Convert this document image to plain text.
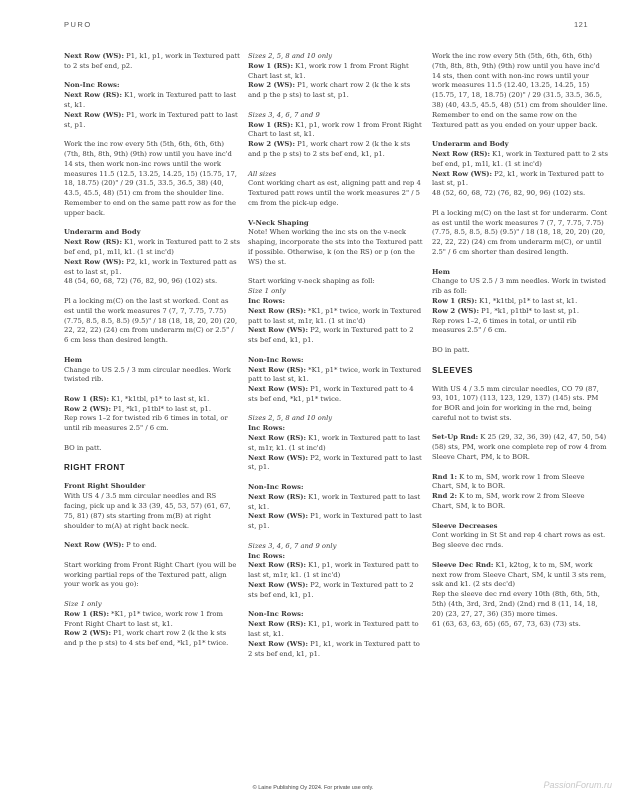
PURO	121

Next Row (WS): P1, k1, p1, work in Textured patt to 2 sts bef end, p2.

Non-Inc Rows:
Next Row (RS): K1, work in Textured patt to last st, k1.
Next Row (WS): P1, work in Textured patt to last st, p1.

Work the inc row every 5th (5th, 6th, 6th, 6th) (7th, 8th, 8th, 9th) (9th) row until you have inc'd 14 sts, then work non-inc rows until the work measures 11.5 (12.5, 13.25, 14.25, 15) (15.75, 17, 18, 18.75) (20)" / 29 (31.5, 33.5, 36.5, 38) (40, 43.5, 45.5, 48) (51) cm from the shoulder line. Remember to end on the same patt row as for the upper back.

Underarm and Body
Next Row (RS): K1, work in Textured patt to 2 sts bef end, p1, m1l, k1. (1 st inc'd)
Next Row (WS): P2, k1, work in Textured patt as est to last st, p1.
48 (54, 60, 68, 72) (76, 82, 90, 96) (102) sts.

Pl a locking m(C) on the last st worked. Cont as est until the work measures 7 (7, 7, 7.75, 7.75) (7.75, 8.5, 8.5, 8.5) (9.5)" / 18 (18, 18, 20, 20) (20, 22, 22, 22) (24) cm from underarm m(C) or 2.5" / 6 cm less than desired length.

Hem
Change to US 2.5 / 3 mm circular needles. Work twisted rib.

Row 1 (RS): K1, *k1tbl, p1* to last st, k1.
Row 2 (WS): P1, *k1, p1tbl* to last st, p1.
Rep rows 1–2 for twisted rib 6 times in total, or until rib measures 2.5" / 6 cm.

BO in patt.

RIGHT FRONT

Front Right Shoulder
With US 4 / 3.5 mm circular needles and RS facing, pick up and k 33 (39, 45, 53, 57) (61, 67, 75, 81) (87) sts starting from m(B) at right shoulder to m(A) at right back neck.

Next Row (WS): P to end.

Start working from Front Right Chart (you will be working partial reps of the Textured patt, align your work as you go):

Size 1 only
Row 1 (RS): *K1, p1* twice, work row 1 from Front Right Chart to last st, k1.
Row 2 (WS): P1, work chart row 2 (k the k sts and p the p sts) to 4 sts bef end, *k1, p1* twice.

Sizes 2, 5, 8 and 10 only
Row 1 (RS): K1, work row 1 from Front Right Chart last st, k1.
Row 2 (WS): P1, work chart row 2 (k the k sts and p the p sts) to last st, p1.

Sizes 3, 4, 6, 7 and 9
Row 1 (RS): K1, p1, work row 1 from Front Right Chart to last st, k1.
Row 2 (WS): P1, work chart row 2 (k the k sts and p the p sts) to 2 sts bef end, k1, p1.

All sizes
Cont working chart as est, aligning patt and rep 4 Textured patt rows until the work measures 2" / 5 cm from the pick-up edge.

V-Neck Shaping
Note! When working the inc sts on the v-neck shaping, incorporate the sts into the Textured patt if possible. Otherwise, k (on the RS) or p (on the WS) the st.

Start working v-neck shaping as foll:
Size 1 only
Inc Rows:
Next Row (RS): *K1, p1* twice, work in Textured patt to last st, m1r, k1. (1 st inc'd)
Next Row (WS): P2, work in Textured patt to 2 sts bef end, k1, p1.

Non-Inc Rows:
Next Row (RS): *K1, p1* twice, work in Textured patt to last st, k1.
Next Row (WS): P1, work in Textured patt to 4 sts bef end, *k1, p1* twice.

Sizes 2, 5, 8 and 10 only
Inc Rows:
Next Row (RS): K1, work in Textured patt to last st, m1r, k1. (1 st inc'd)
Next Row (WS): P2, work in Textured patt to last st, p1.

Non-Inc Rows:
Next Row (RS): K1, work in Textured patt to last st, k1.
Next Row (WS): P1, work in Textured patt to last st, p1.

Sizes 3, 4, 6, 7 and 9 only
Inc Rows:
Next Row (RS): K1, p1, work in Textured patt to last st, m1r, k1. (1 st inc'd)
Next Row (WS): P2, work in Textured patt to 2 sts bef end, k1, p1.

Non-Inc Rows:
Next Row (RS): K1, p1, work in Textured patt to last st, k1.
Next Row (WS): P1, k1, work in Textured patt to 2 sts bef end, k1, p1.

Work the inc row every 5th (5th, 6th, 6th, 6th) (7th, 8th, 8th, 9th) (9th) row until you have inc'd 14 sts, then cont with non-inc rows until your work measures 11.5 (12.40, 13.25, 14.25, 15) (15.75, 17, 18, 18.75) (20)" / 29 (31.5, 33.5, 36.5, 38) (40, 43.5, 45.5, 48) (51) cm from shoulder line. Remember to end on the same row on the Textured patt as you ended on your upper back.

Underarm and Body
Next Row (RS): K1, work in Textured patt to 2 sts bef end, p1, m1l, k1. (1 st inc'd)
Next Row (WS): P2, k1, work in Textured patt to last st, p1.
48 (52, 60, 68, 72) (76, 82, 90, 96) (102) sts.

Pl a locking m(C) on the last st for underarm. Cont as est until the work measures 7 (7, 7, 7.75, 7.75) (7.75, 8.5, 8.5, 8.5) (9.5)" / 18 (18, 18, 20, 20) (20, 22, 22, 22) (24) cm from underarm m(C), or until 2.5" / 6 cm shorter than desired length.

Hem
Change to US 2.5 / 3 mm needles. Work in twisted rib as foll:
Row 1 (RS): K1, *k1tbl, p1* to last st, k1.
Row 2 (WS): P1, *k1, p1tbl* to last st, p1.
Rep rows 1–2, 6 times in total, or until rib measures 2.5" / 6 cm.

BO in patt.

SLEEVES

With US 4 / 3.5 mm circular needles, CO 79 (87, 93, 101, 107) (113, 123, 129, 137) (145) sts. PM for BOR and join for working in the rnd, being careful not to twist sts.

Set-Up Rnd: K 25 (29, 32, 36, 39) (42, 47, 50, 54) (58) sts, PM, work one complete rep of row 4 from Sleeve Chart, PM, k to BOR.

Rnd 1: K to m, SM, work row 1 from Sleeve Chart, SM, k to BOR.
Rnd 2: K to m, SM, work row 2 from Sleeve Chart, SM, k to BOR.

Sleeve Decreases
Cont working in St St and rep 4 chart rows as est. Beg sleeve dec rnds.

Sleeve Dec Rnd: K1, k2tog, k to m, SM, work next row from Sleeve Chart, SM, k until 3 sts rem, ssk and k1. (2 sts dec'd)
Rep the sleeve dec rnd every 10th (8th, 6th, 5th, 5th) (4th, 3rd, 3rd, 2nd) (2nd) rnd 8 (11, 14, 18, 20) (23, 27, 27, 36) (35) more times.
61 (63, 63, 63, 65) (65, 67, 73, 63) (73) sts.

© Laine Publishing Oy 2024. For private use only.	PassionForum.ru
